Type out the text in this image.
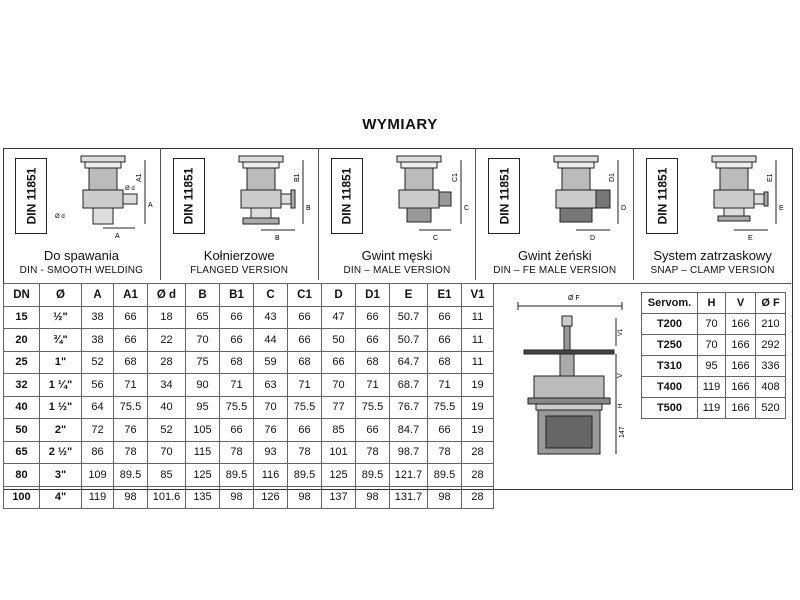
WYMIARY
DIN 11851	A1
A
Ø d
Ø d
A
Do spawania
DIN - SMOOTH WELDING
DIN 11851	B1
B
B
Kołnierzowe
FLANGED VERSION
DIN 11851	C1
C
C
Gwint męski
DIN – MALE VERSION
DIN 11851	D1
D
D
Gwint żeński
DIN – FE MALE VERSION
DIN 11851	E1
E
E
System zatrzaskowy
SNAP – CLAMP VERSION
DN	Ø	A	A1	Ø d	B	B1	C	C1	D	D1	E	E1	V1
15	½"	38	66	18	65	66	43	66	47	66	50.7	66	11
20	¾"	38	66	22	70	66	44	66	50	66	50.7	66	11
25	1"	52	68	28	75	68	59	68	66	68	64.7	68	11
32	1 ¼"	56	71	34	90	71	63	71	70	71	68.7	71	19
40	1 ½"	64	75.5	40	95	75.5	70	75.5	77	75.5	76.7	75.5	19
50	2"	72	76	52	105	66	76	66	85	66	84.7	66	19
65	2 ½"	86	78	70	115	78	93	78	101	78	98.7	78	28
80	3"	109	89.5	85	125	89.5	116	89.5	125	89.5	121.7	89.5	28
100	4"	119	98	101.6	135	98	126	98	137	98	131.7	98	28
Ø F
V1
V
H
147
Servom.	H	V	Ø F
T200	70	166	210
T250	70	166	292
T310	95	166	336
T400	119	166	408
T500	119	166	520
